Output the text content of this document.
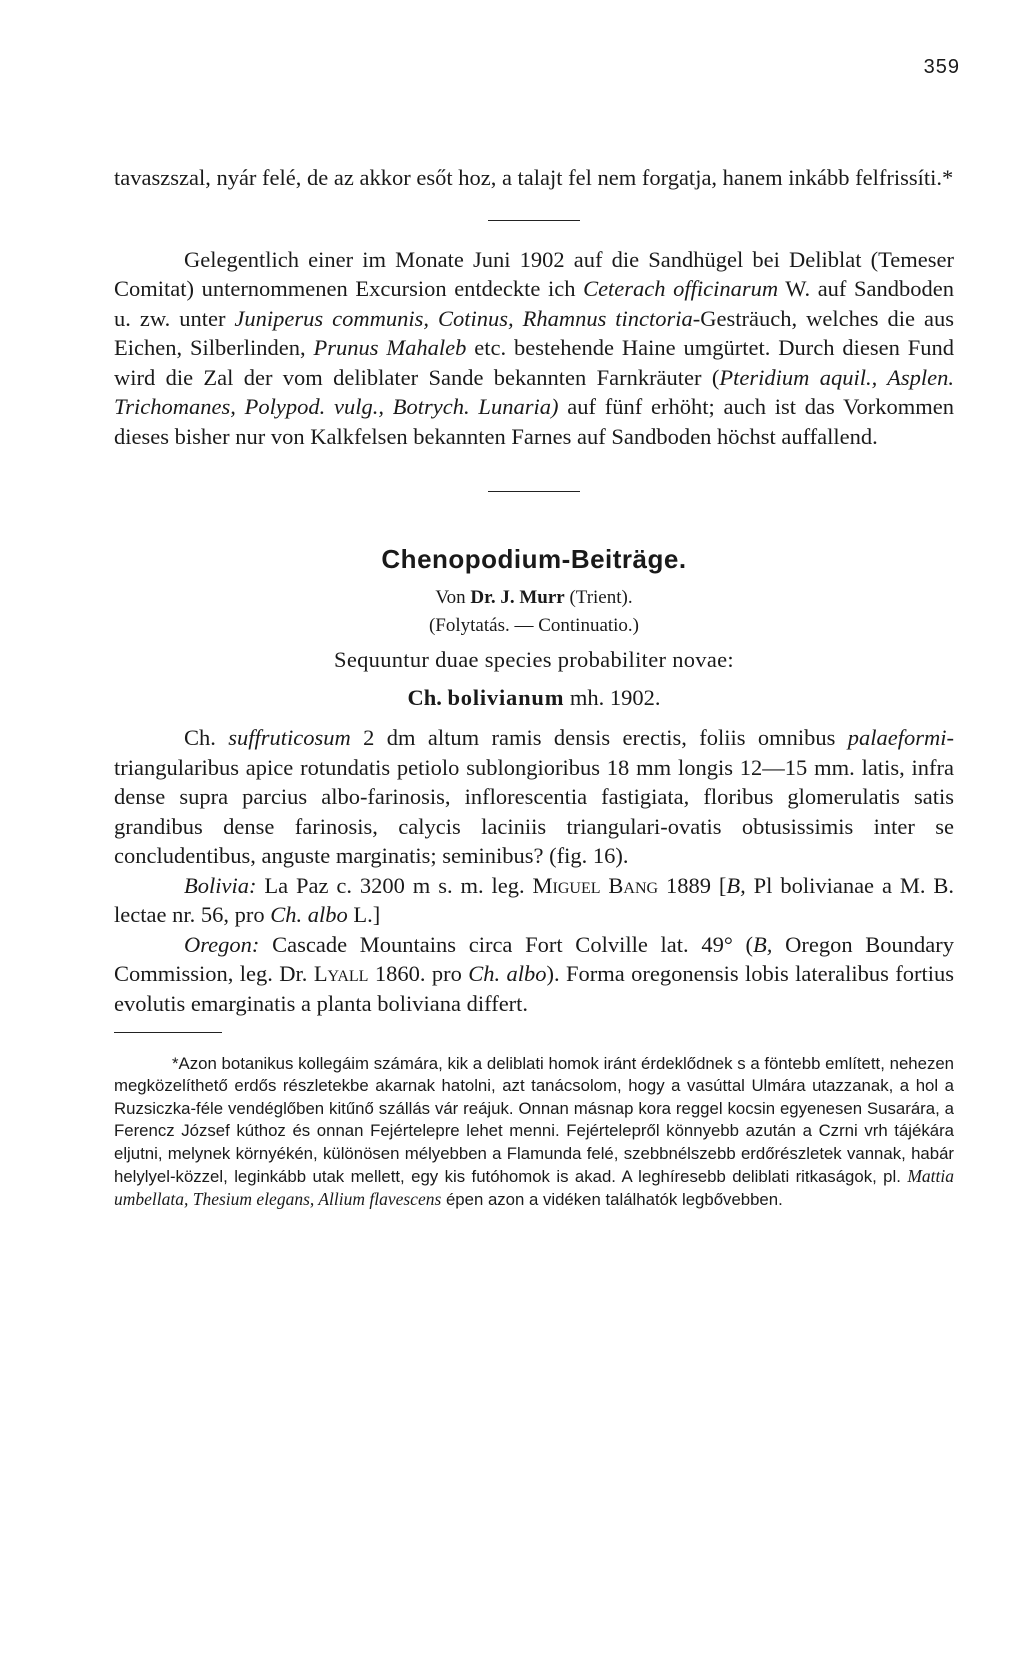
359

tavaszszal, nyár felé, de az akkor esőt hoz, a talajt fel nem forgatja, hanem inkább felfrissíti.*

Gelegentlich einer im Monate Juni 1902 auf die Sandhügel bei Deliblat (Temeser Comitat) unternommenen Excursion entdeckte ich Ceterach officinarum W. auf Sandboden u. zw. unter Juniperus communis, Cotinus, Rhamnus tinctoria-Gesträuch, welches die aus Eichen, Silberlinden, Prunus Mahaleb etc. bestehende Haine umgürtet. Durch diesen Fund wird die Zal der vom deliblater Sande bekannten Farnkräuter (Pteridium aquil., Asplen. Trichomanes, Polypod. vulg., Botrych. Lunaria) auf fünf erhöht; auch ist das Vorkommen dieses bisher nur von Kalkfelsen bekannten Farnes auf Sandboden höchst auffallend.

Chenopodium-Beiträge.

Von Dr. J. Murr (Trient).

(Folytatás. — Continuatio.)

Sequuntur duae species probabiliter novae:

Ch. bolivianum mh. 1902.

Ch. suffruticosum 2 dm altum ramis densis erectis, foliis omnibus palaeformi-triangularibus apice rotundatis petiolo sublongioribus 18 mm longis 12—15 mm. latis, infra dense supra parcius albo-farinosis, inflorescentia fastigiata, floribus glomerulatis satis grandibus dense farinosis, calycis laciniis triangulari-ovatis obtusissimis inter se concludentibus, anguste marginatis; seminibus? (fig. 16).

Bolivia: La Paz c. 3200 m s. m. leg. Miguel Bang 1889 [B, Pl bolivianae a M. B. lectae nr. 56, pro Ch. albo L.]

Oregon: Cascade Mountains circa Fort Colville lat. 49° (B, Oregon Boundary Commission, leg. Dr. Lyall 1860. pro Ch. albo). Forma oregonensis lobis lateralibus fortius evolutis emarginatis a planta boliviana differt.

*Azon botanikus kollegáim számára, kik a deliblati homok iránt érdeklődnek s a föntebb említett, nehezen megközelíthető erdős részletekbe akarnak hatolni, azt tanácsolom, hogy a vasúttal Ulmára utazzanak, a hol a Ruzsiczka-féle vendéglőben kitűnő szállás vár reájuk. Onnan másnap kora reggel kocsin egyenesen Susarára, a Ferencz József kúthoz és onnan Fejértelepre lehet menni. Fejértelepről könnyebb azután a Czrni vrh tájékára eljutni, melynek környékén, különösen mélyebben a Flamunda felé, szebbnélszebb erdőrészletek vannak, habár helylyel-közzel, leginkább utak mellett, egy kis futóhomok is akad. A leghíresebb deliblati ritkaságok, pl. Mattia umbellata, Thesium elegans, Allium flavescens épen azon a vidéken találhatók legbővebben.
